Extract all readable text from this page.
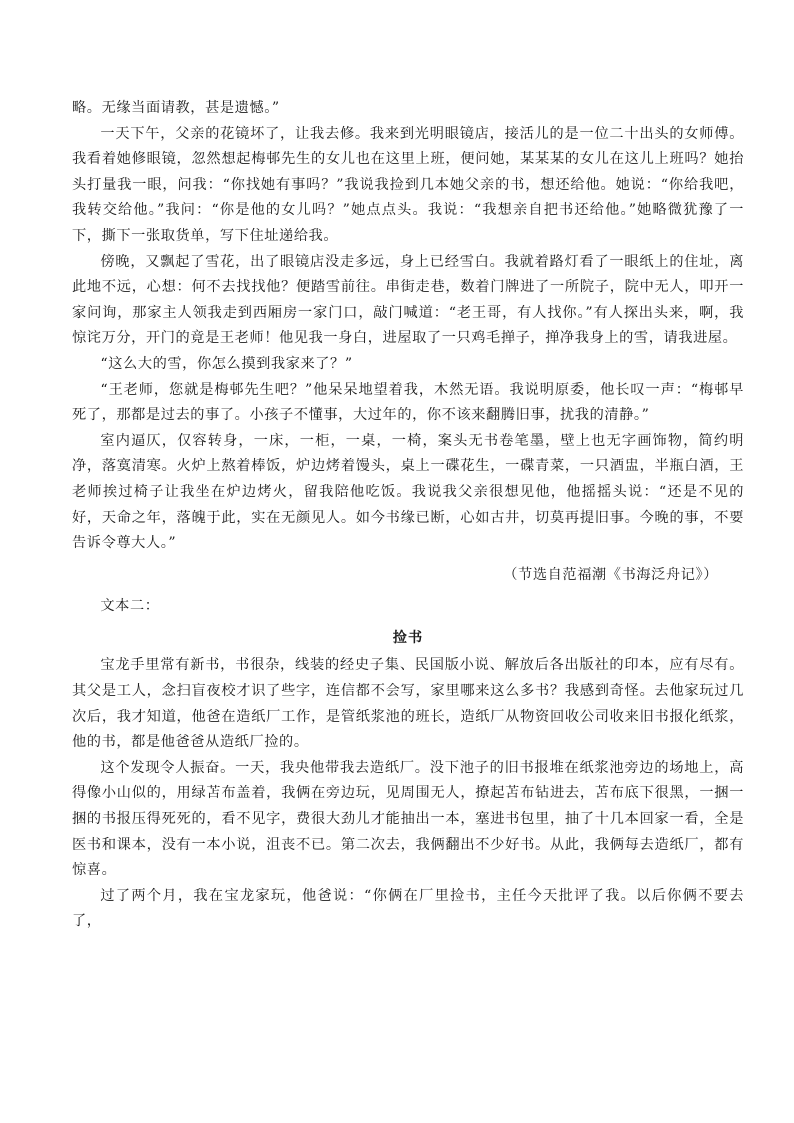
略。无缘当面请教，甚是遗憾。”

一天下午，父亲的花镜坏了，让我去修。我来到光明眼镜店，接活儿的是一位二十出头的女师傅。我看着她修眼镜，忽然想起梅邨先生的女儿也在这里上班，便问她，某某某的女儿在这儿上班吗？她抬头打量我一眼，问我：“你找她有事吗？”我说我捡到几本她父亲的书，想还给他。她说：“你给我吧，我转交给他。”我问：“你是他的女儿吗？”她点点头。我说：“我想亲自把书还给他。”她略微犹豫了一下，撕下一张取货单，写下住址递给我。

傍晚，又飘起了雪花，出了眼镜店没走多远，身上已经雪白。我就着路灯看了一眼纸上的住址，离此地不远，心想：何不去找找他？便踏雪前往。串街走巷，数着门牌进了一所院子，院中无人，叩开一家问询，那家主人领我走到西厢房一家门口，敲门喊道：“老王哥，有人找你。”有人探出头来，啊，我惊诧万分，开门的竟是王老师！他见我一身白，进屋取了一只鸡毛掸子，掸净我身上的雪，请我进屋。

“这么大的雪，你怎么摸到我家来了？”

“王老师，您就是梅邨先生吧？”他呆呆地望着我，木然无语。我说明原委，他长叹一声：“梅邨早死了，那都是过去的事了。小孩子不懂事，大过年的，你不该来翻腾旧事，扰我的清静。”

室内逼仄，仅容转身，一床，一柜，一桌，一椅，案头无书卷笔墨，壁上也无字画饰物，简约明净，落寞清寒。火炉上熬着棒饭，炉边烤着馒头，桌上一碟花生，一碟青菜，一只酒盅，半瓶白酒，王老师挨过椅子让我坐在炉边烤火，留我陪他吃饭。我说我父亲很想见他，他摇摇头说：“还是不见的好，天命之年，落魄于此，实在无颜见人。如今书缘已断，心如古井，切莫再提旧事。今晚的事，不要告诉令尊大人。”

（节选自范福潮《书海泛舟记》）

文本二：

捡书

宝龙手里常有新书，书很杂，线装的经史子集、民国版小说、解放后各出版社的印本，应有尽有。其父是工人，念扫盲夜校才识了些字，连信都不会写，家里哪来这么多书？我感到奇怪。去他家玩过几次后，我才知道，他爸在造纸厂工作，是管纸浆池的班长，造纸厂从物资回收公司收来旧书报化纸浆，他的书，都是他爸爸从造纸厂捡的。

这个发现令人振奋。一天，我央他带我去造纸厂。没下池子的旧书报堆在纸浆池旁边的场地上，高得像小山似的，用绿苫布盖着，我俩在旁边玩，见周围无人，撩起苫布钻进去，苫布底下很黑，一捆一捆的书报压得死死的，看不见字，费很大劲儿才能抽出一本，塞进书包里，抽了十几本回家一看，全是医书和课本，没有一本小说，沮丧不已。第二次去，我俩翻出不少好书。从此，我俩每去造纸厂，都有惊喜。

过了两个月，我在宝龙家玩，他爸说：“你俩在厂里捡书，主任今天批评了我。以后你俩不要去了，
